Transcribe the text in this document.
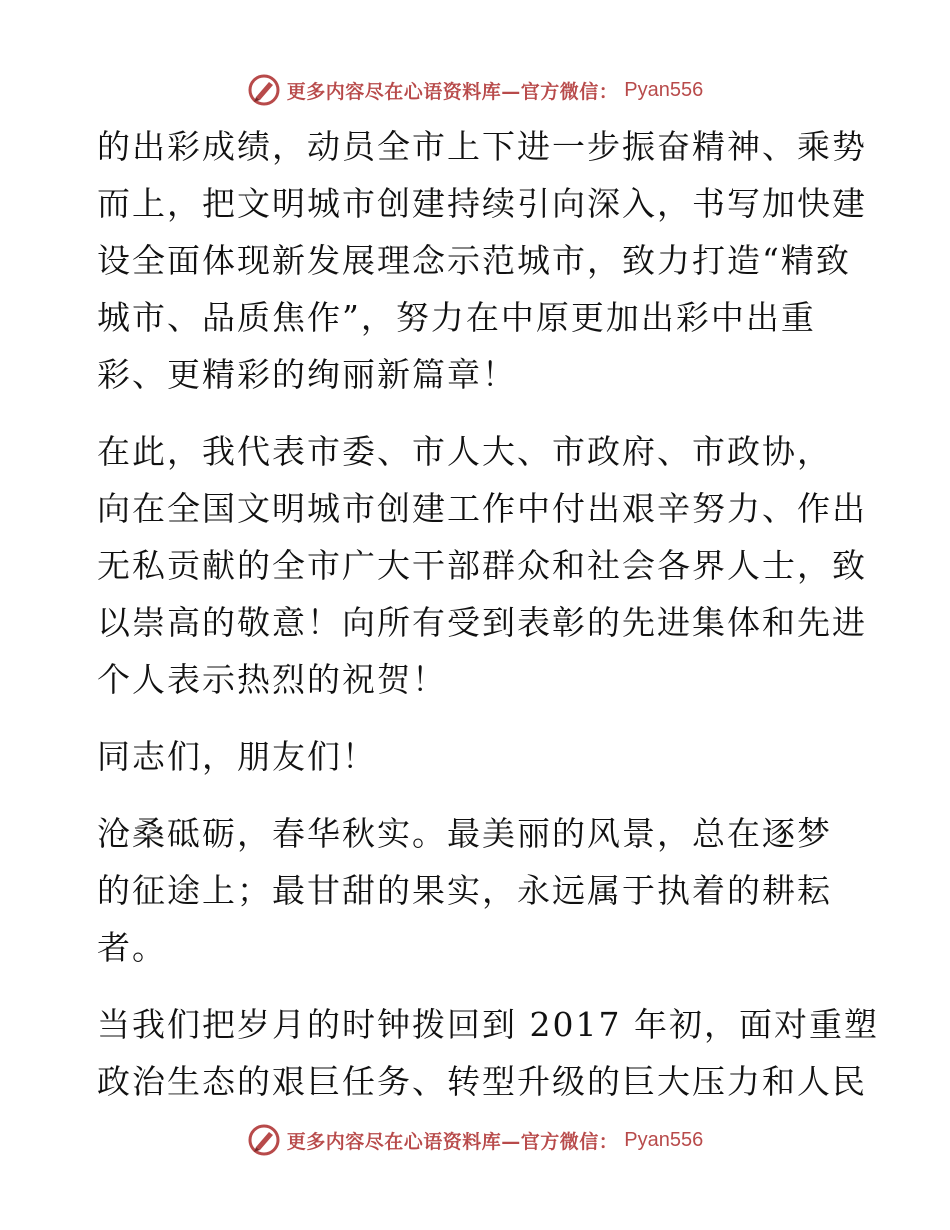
更多内容尽在心语资料库—官方微信： Pyan556

的出彩成绩，动员全市上下进一步振奋精神、乘势
而上，把文明城市创建持续引向深入，书写加快建
设全面体现新发展理念示范城市，致力打造“精致
城市、品质焦作”，努力在中原更加出彩中出重
彩、更精彩的绚丽新篇章！

在此，我代表市委、市人大、市政府、市政协，
向在全国文明城市创建工作中付出艰辛努力、作出
无私贡献的全市广大干部群众和社会各界人士，致
以崇高的敬意！向所有受到表彰的先进集体和先进
个人表示热烈的祝贺！

同志们，朋友们！

沧桑砥砺，春华秋实。最美丽的风景，总在逐梦
的征途上；最甘甜的果实，永远属于执着的耕耘
者。

当我们把岁月的时钟拨回到 2017 年初，面对重塑
政治生态的艰巨任务、转型升级的巨大压力和人民

更多内容尽在心语资料库—官方微信： Pyan556
